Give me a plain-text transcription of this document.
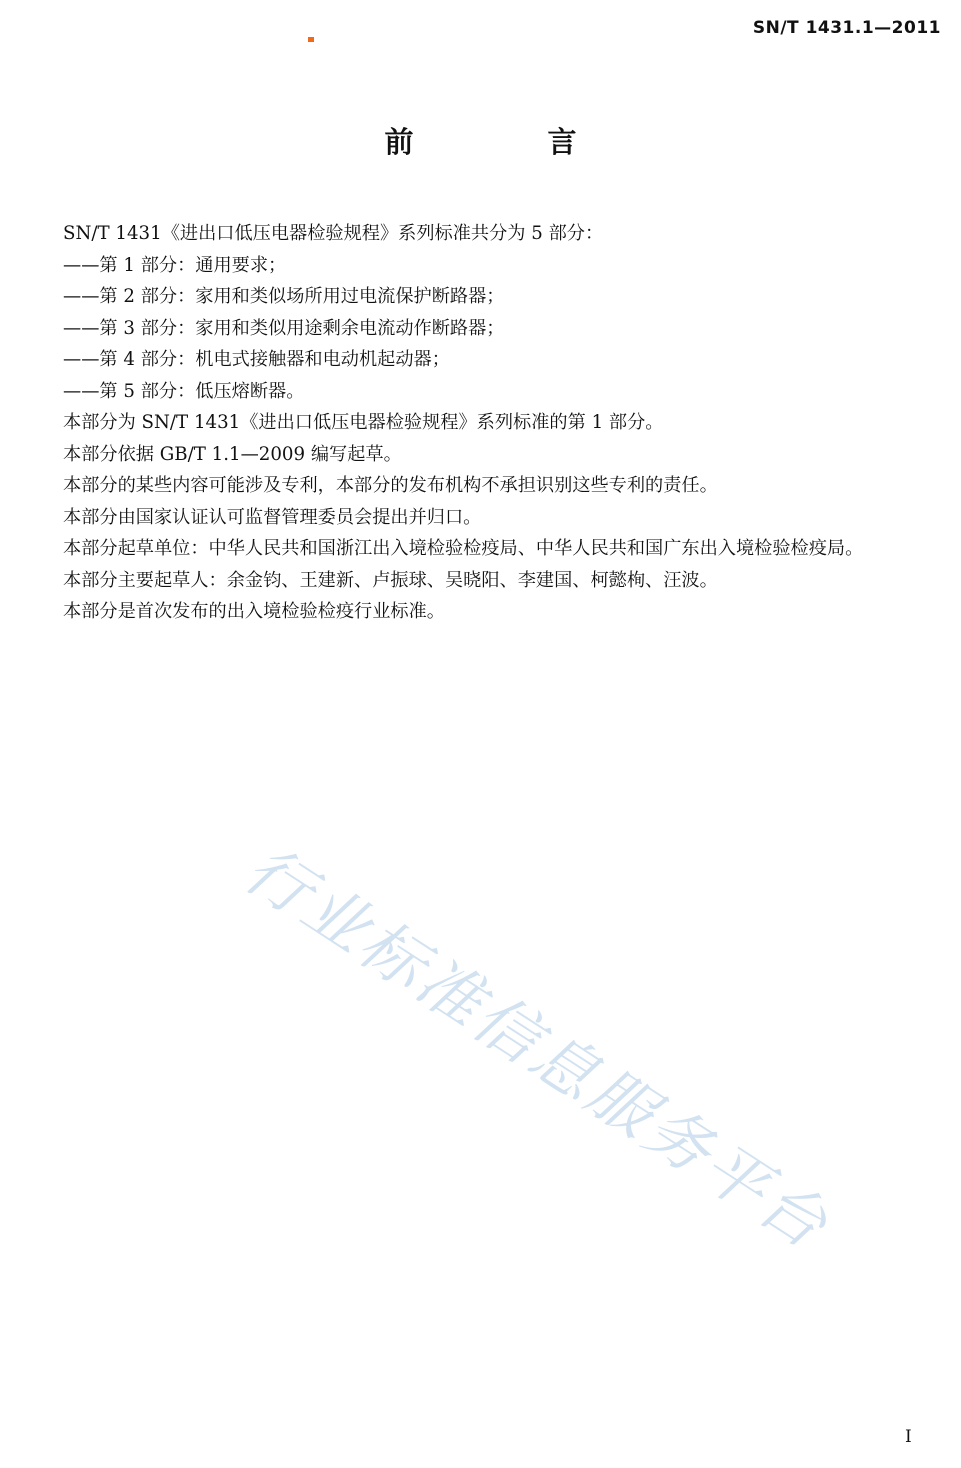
SN/T 1431.1—2011
前 言

SN/T 1431《进出口低压电器检验规程》系列标准共分为 5 部分：

——第 1 部分：通用要求；

——第 2 部分：家用和类似场所用过电流保护断路器；

——第 3 部分：家用和类似用途剩余电流动作断路器；

——第 4 部分：机电式接触器和电动机起动器；

——第 5 部分：低压熔断器。

本部分为 SN/T 1431《进出口低压电器检验规程》系列标准的第 1 部分。

本部分依据 GB/T 1.1—2009 编写起草。

本部分的某些内容可能涉及专利，本部分的发布机构不承担识别这些专利的责任。

本部分由国家认证认可监督管理委员会提出并归口。

本部分起草单位：中华人民共和国浙江出入境检验检疫局、中华人民共和国广东出入境检验检疫局。

本部分主要起草人：余金钧、王建新、卢振球、吴晓阳、李建国、柯懿栒、汪波。

本部分是首次发布的出入境检验检疫行业标准。

行业标准信息服务平台
I
